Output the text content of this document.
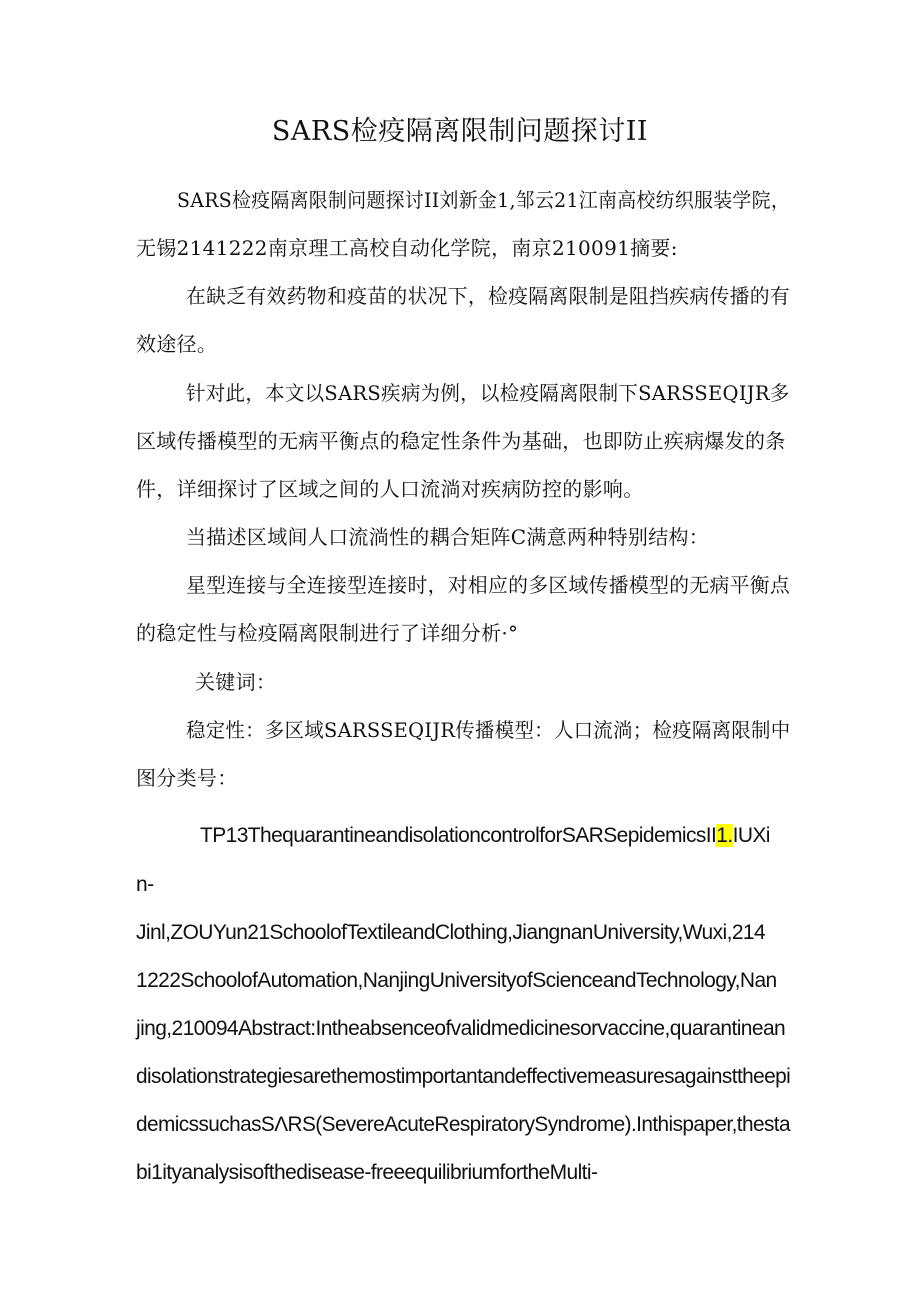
SARS检疫隔离限制问题探讨II
SARS检疫隔离限制问题探讨II刘新金1,邹云21江南高校纺织服装学院，
无锡2141222南京理工高校自动化学院，南京210091摘要:
在缺乏有效药物和疫苗的状况下，检疫隔离限制是阻挡疾病传播的有
效途径。
针对此，本文以SARS疾病为例，以检疫隔离限制下SARSSEQIJR多
区域传播模型的无病平衡点的稳定性条件为基础，也即防止疾病爆发的条
件，详细探讨了区域之间的人口流淌对疾病防控的影响。
当描述区域间人口流淌性的耦合矩阵C满意两种特别结构：
星型连接与全连接型连接时，对相应的多区域传播模型的无病平衡点
的稳定性与检疫隔离限制进行了详细分析·°
关键词：
稳定性：多区域SARSSEQIJR传播模型：人口流淌；检疫隔离限制中
图分类号：
TP13ThequarantineandisolationcontrolforSARSepidemicsII1.IUXi
n-
Jinl,ZOUYun21SchoolofTextileandClothing,JiangnanUniversity,Wuxi,214
1222SchoolofAutomation,NanjingUniversityofScienceandTechnology,Nan
jing,210094Abstract:Intheabsenceofvalidmedicinesorvaccine,quarantinean
disolationstrategiesarethemostimportantandeffectivemeasuresagainsttheepi
demicssuchasSΛRS(SevereAcuteRespiratorySyndrome).Inthispaper,thesta
bi1ityanalysisofthedisease-freeequilibriumfortheMulti-
